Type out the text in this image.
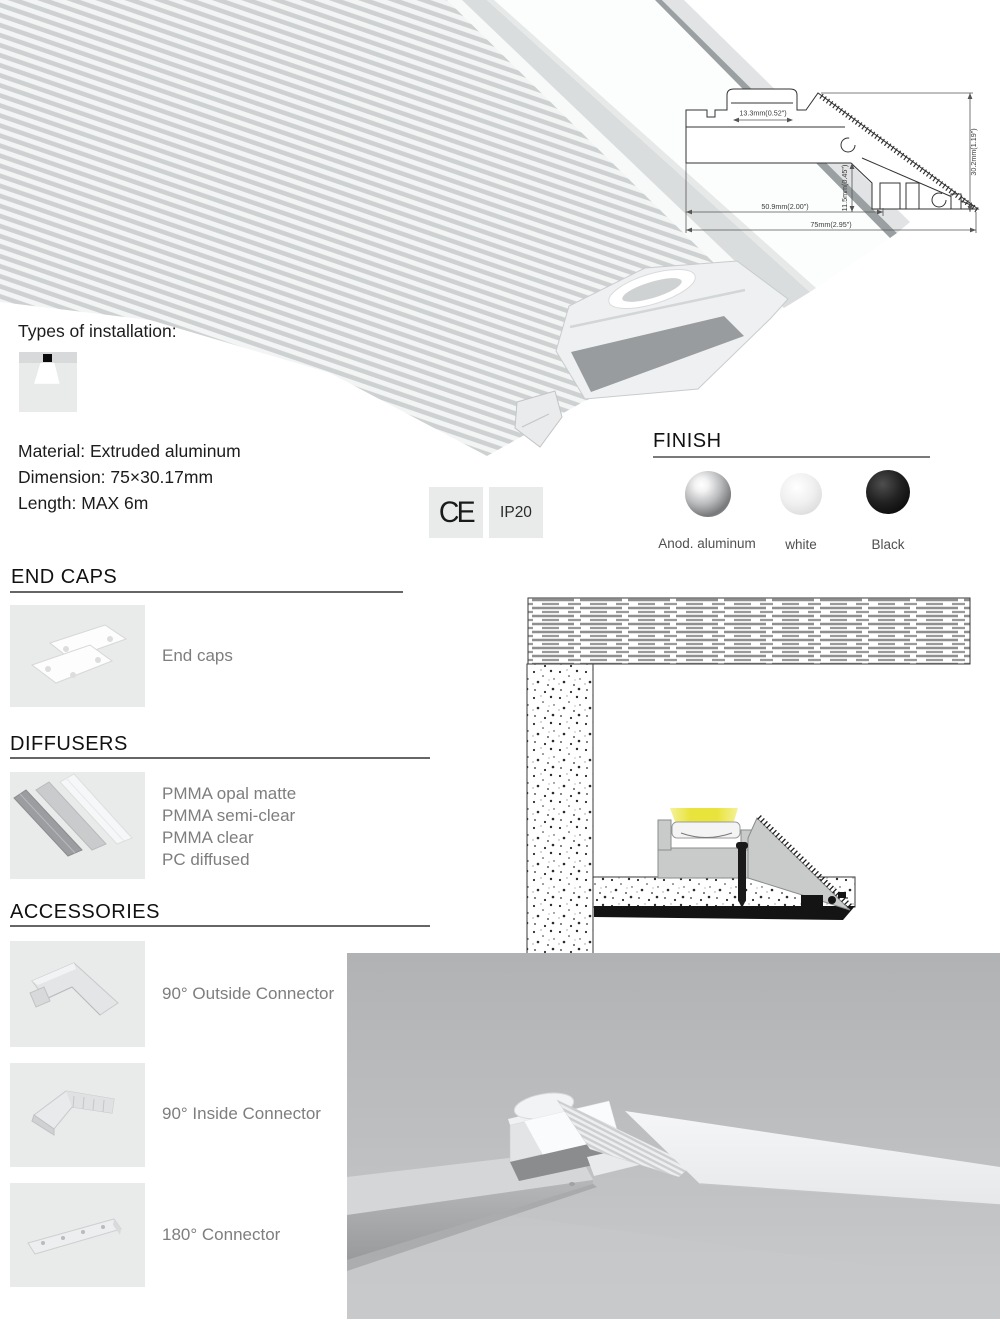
13.3mm(0.52")
50.9mm(2.00")
75mm(2.95")
30.2mm(1.19")
11.5mm(0.45")
Types of installation:
Material: Extruded aluminum
Dimension: 75×30.17mm
Length: MAX 6m	CE IP20
FINISH
Anod. aluminum	white	Black
END CAPS
End caps
DIFFUSERS
PMMA opal matte
PMMA semi-clear
PMMA clear
PC diffused
ACCESSORIES
90° Outside Connector
90° Inside Connector
180° Connector
